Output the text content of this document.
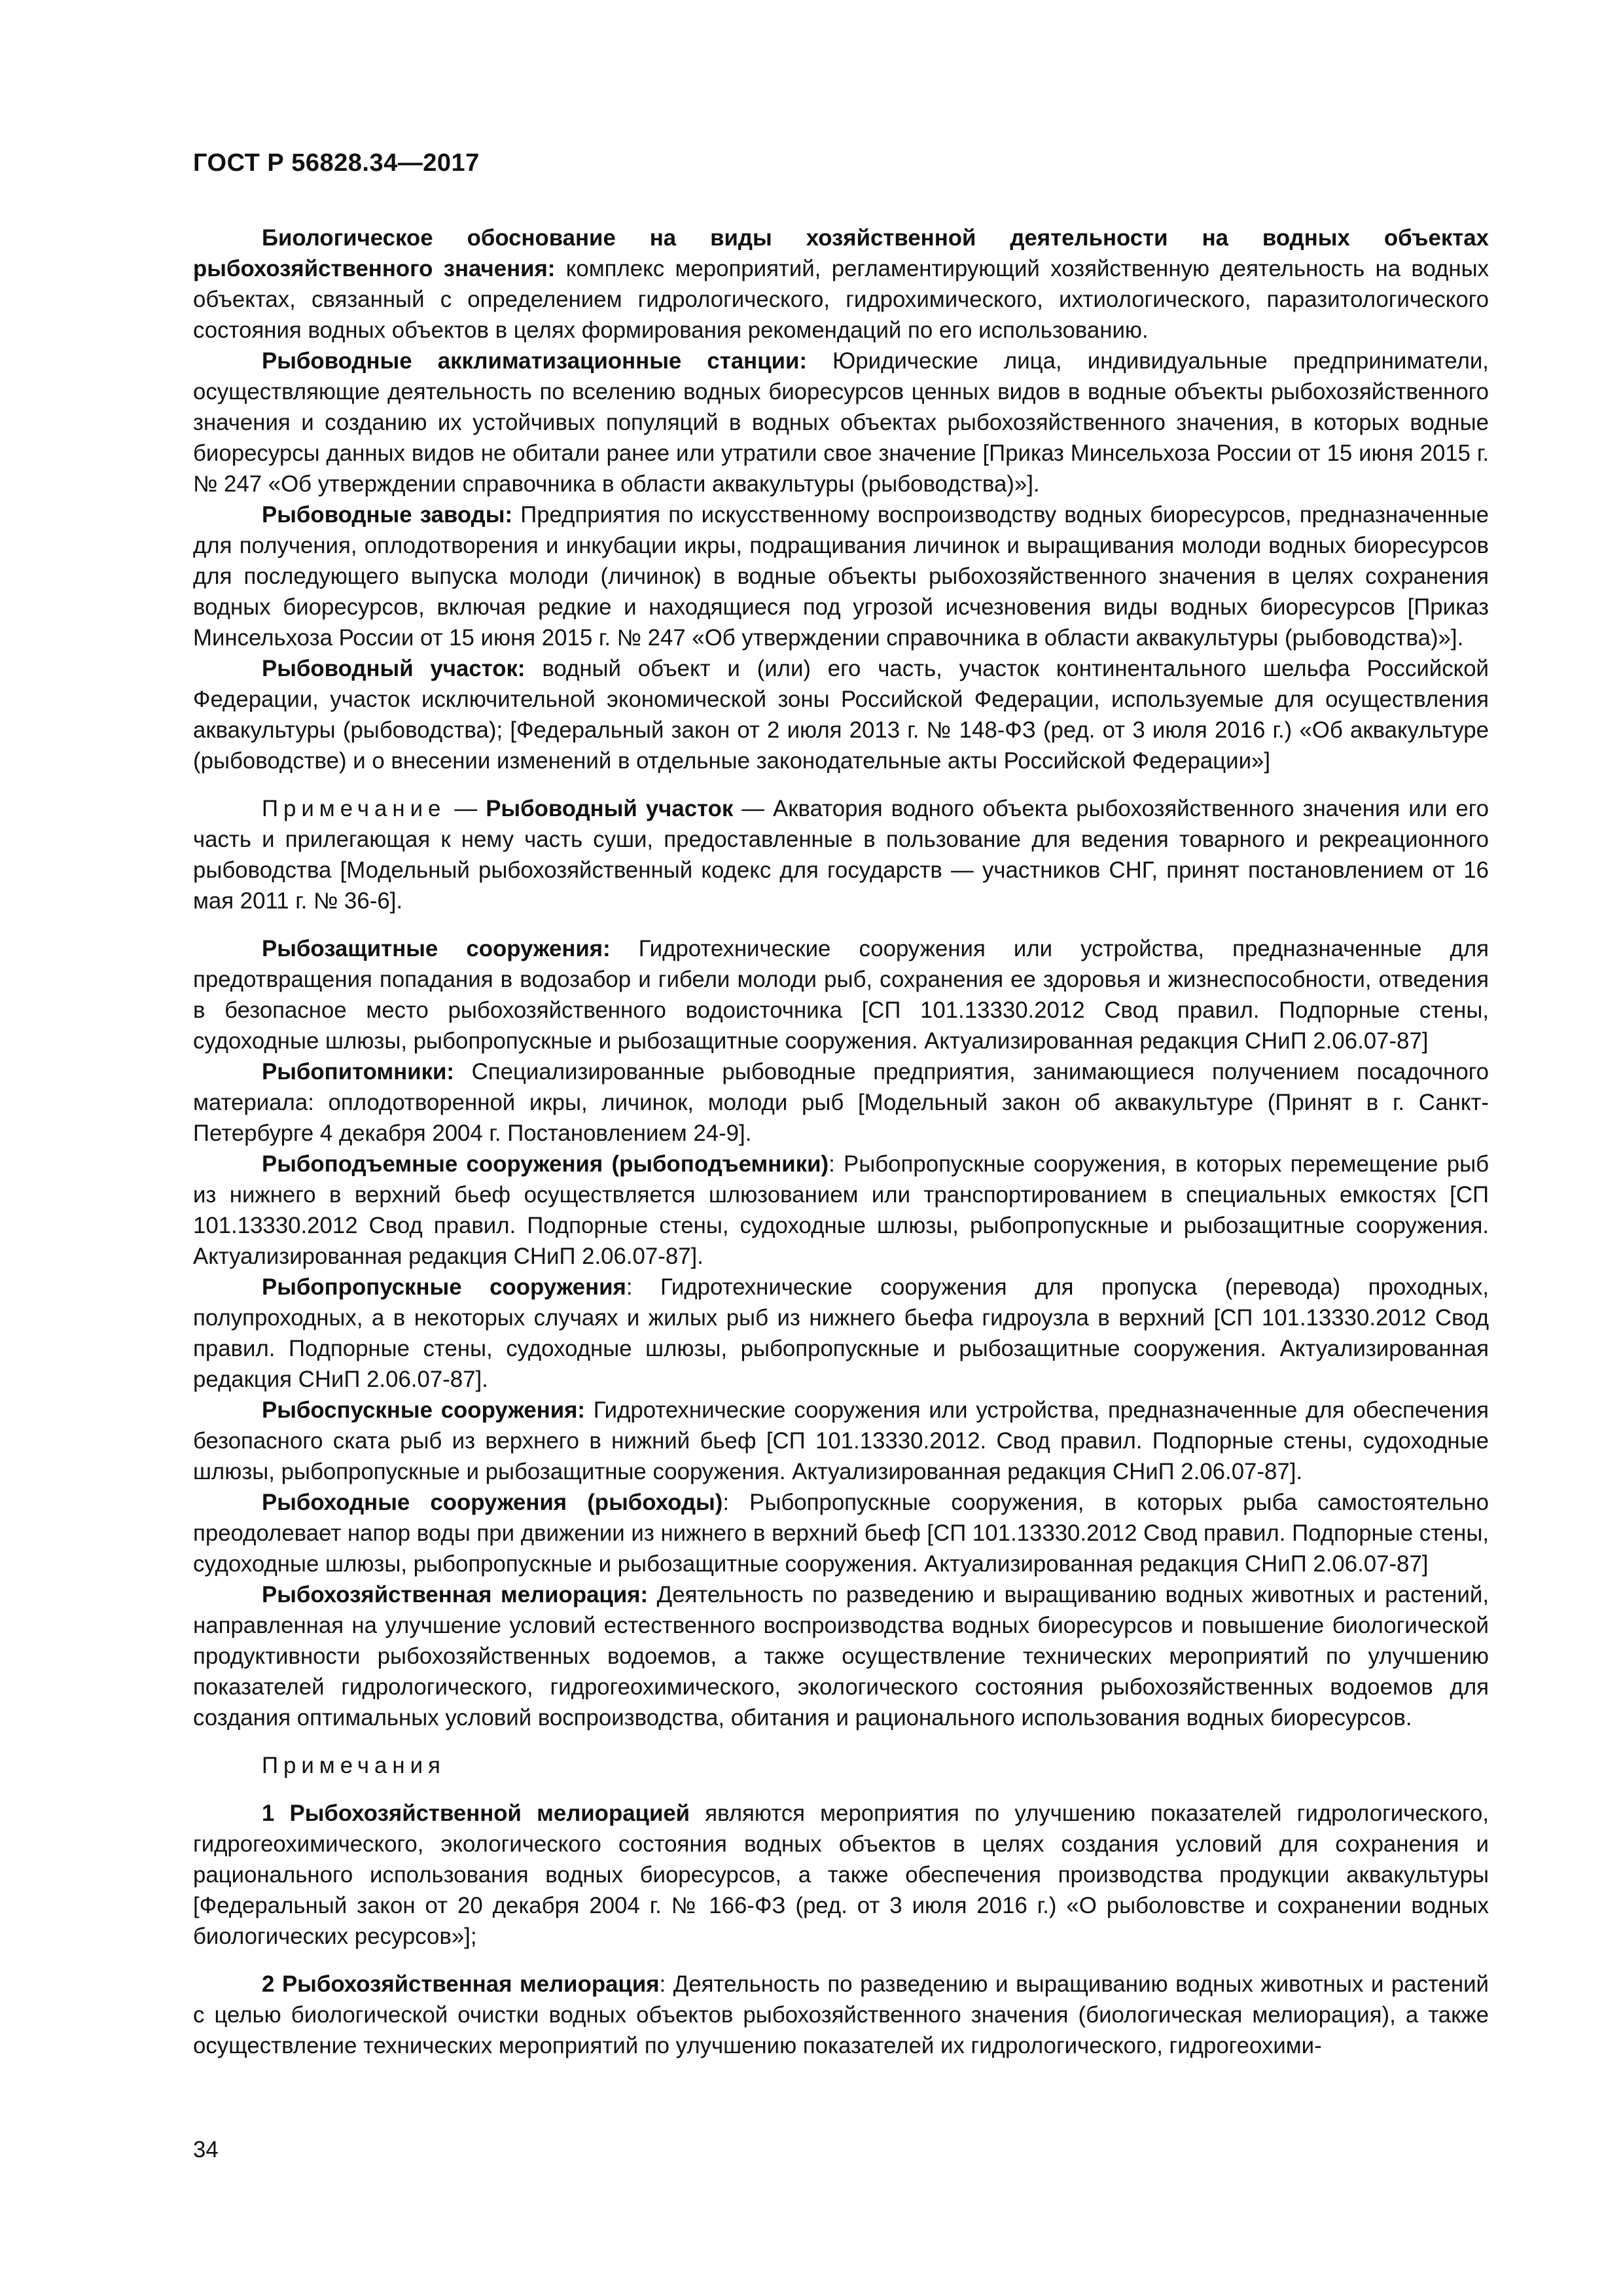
ГОСТ Р 56828.34—2017

Биологическое обоснование на виды хозяйственной деятельности на водных объектах рыбохозяйственного значения: комплекс мероприятий, регламентирующий хозяйственную деятельность на водных объектах, связанный с определением гидрологического, гидрохимического, ихтиологического, паразитологического состояния водных объектов в целях формирования рекомендаций по его использованию.

Рыбоводные акклиматизационные станции: Юридические лица, индивидуальные предприниматели, осуществляющие деятельность по вселению водных биоресурсов ценных видов в водные объекты рыбохозяйственного значения и созданию их устойчивых популяций в водных объектах рыбохозяйственного значения, в которых водные биоресурсы данных видов не обитали ранее или утратили свое значение [Приказ Минсельхоза России от 15 июня 2015 г. № 247 «Об утверждении справочника в области аквакультуры (рыбоводства)»].

Рыбоводные заводы: Предприятия по искусственному воспроизводству водных биоресурсов, предназначенные для получения, оплодотворения и инкубации икры, подращивания личинок и выращивания молоди водных биоресурсов для последующего выпуска молоди (личинок) в водные объекты рыбохозяйственного значения в целях сохранения водных биоресурсов, включая редкие и находящиеся под угрозой исчезновения виды водных биоресурсов [Приказ Минсельхоза России от 15 июня 2015 г. № 247 «Об утверждении справочника в области аквакультуры (рыбоводства)»].

Рыбоводный участок: водный объект и (или) его часть, участок континентального шельфа Российской Федерации, участок исключительной экономической зоны Российской Федерации, используемые для осуществления аквакультуры (рыбоводства); [Федеральный закон от 2 июля 2013 г. № 148-ФЗ (ред. от 3 июля 2016 г.) «Об аквакультуре (рыбоводстве) и о внесении изменений в отдельные законодательные акты Российской Федерации»]

Примечание — Рыбоводный участок — Акватория водного объекта рыбохозяйственного значения или его часть и прилегающая к нему часть суши, предоставленные в пользование для ведения товарного и рекреационного рыбоводства [Модельный рыбохозяйственный кодекс для государств — участников СНГ, принят постановлением от 16 мая 2011 г. № 36-6].

Рыбозащитные сооружения: Гидротехнические сооружения или устройства, предназначенные для предотвращения попадания в водозабор и гибели молоди рыб, сохранения ее здоровья и жизнеспособности, отведения в безопасное место рыбохозяйственного водоисточника [СП 101.13330.2012 Свод правил. Подпорные стены, судоходные шлюзы, рыбопропускные и рыбозащитные сооружения. Актуализированная редакция СНиП 2.06.07-87]

Рыбопитомники: Специализированные рыбоводные предприятия, занимающиеся получением посадочного материала: оплодотворенной икры, личинок, молоди рыб [Модельный закон об аквакультуре (Принят в г. Санкт-Петербурге 4 декабря 2004 г. Постановлением 24-9].

Рыбоподъемные сооружения (рыбоподъемники): Рыбопропускные сооружения, в которых перемещение рыб из нижнего в верхний бьеф осуществляется шлюзованием или транспортированием в специальных емкостях [СП 101.13330.2012 Свод правил. Подпорные стены, судоходные шлюзы, рыбопропускные и рыбозащитные сооружения. Актуализированная редакция СНиП 2.06.07-87].

Рыбопропускные сооружения: Гидротехнические сооружения для пропуска (перевода) проходных, полупроходных, а в некоторых случаях и жилых рыб из нижнего бьефа гидроузла в верхний [СП 101.13330.2012 Свод правил. Подпорные стены, судоходные шлюзы, рыбопропускные и рыбозащитные сооружения. Актуализированная редакция СНиП 2.06.07-87].

Рыбоспускные сооружения: Гидротехнические сооружения или устройства, предназначенные для обеспечения безопасного ската рыб из верхнего в нижний бьеф [СП 101.13330.2012. Свод правил. Подпорные стены, судоходные шлюзы, рыбопропускные и рыбозащитные сооружения. Актуализированная редакция СНиП 2.06.07-87].

Рыбоходные сооружения (рыбоходы): Рыбопропускные сооружения, в которых рыба самостоятельно преодолевает напор воды при движении из нижнего в верхний бьеф [СП 101.13330.2012 Свод правил. Подпорные стены, судоходные шлюзы, рыбопропускные и рыбозащитные сооружения. Актуализированная редакция СНиП 2.06.07-87]

Рыбохозяйственная мелиорация: Деятельность по разведению и выращиванию водных животных и растений, направленная на улучшение условий естественного воспроизводства водных биоресурсов и повышение биологической продуктивности рыбохозяйственных водоемов, а также осуществление технических мероприятий по улучшению показателей гидрологического, гидрогеохимического, экологического состояния рыбохозяйственных водоемов для создания оптимальных условий воспроизводства, обитания и рационального использования водных биоресурсов.

Примечания

1 Рыбохозяйственной мелиорацией являются мероприятия по улучшению показателей гидрологического, гидрогеохимического, экологического состояния водных объектов в целях создания условий для сохранения и рационального использования водных биоресурсов, а также обеспечения производства продукции аквакультуры [Федеральный закон от 20 декабря 2004 г. № 166-ФЗ (ред. от 3 июля 2016 г.) «О рыболовстве и сохранении водных биологических ресурсов»];

2 Рыбохозяйственная мелиорация: Деятельность по разведению и выращиванию водных животных и растений с целью биологической очистки водных объектов рыбохозяйственного значения (биологическая мелиорация), а также осуществление технических мероприятий по улучшению показателей их гидрологического, гидрогеохими-

34
